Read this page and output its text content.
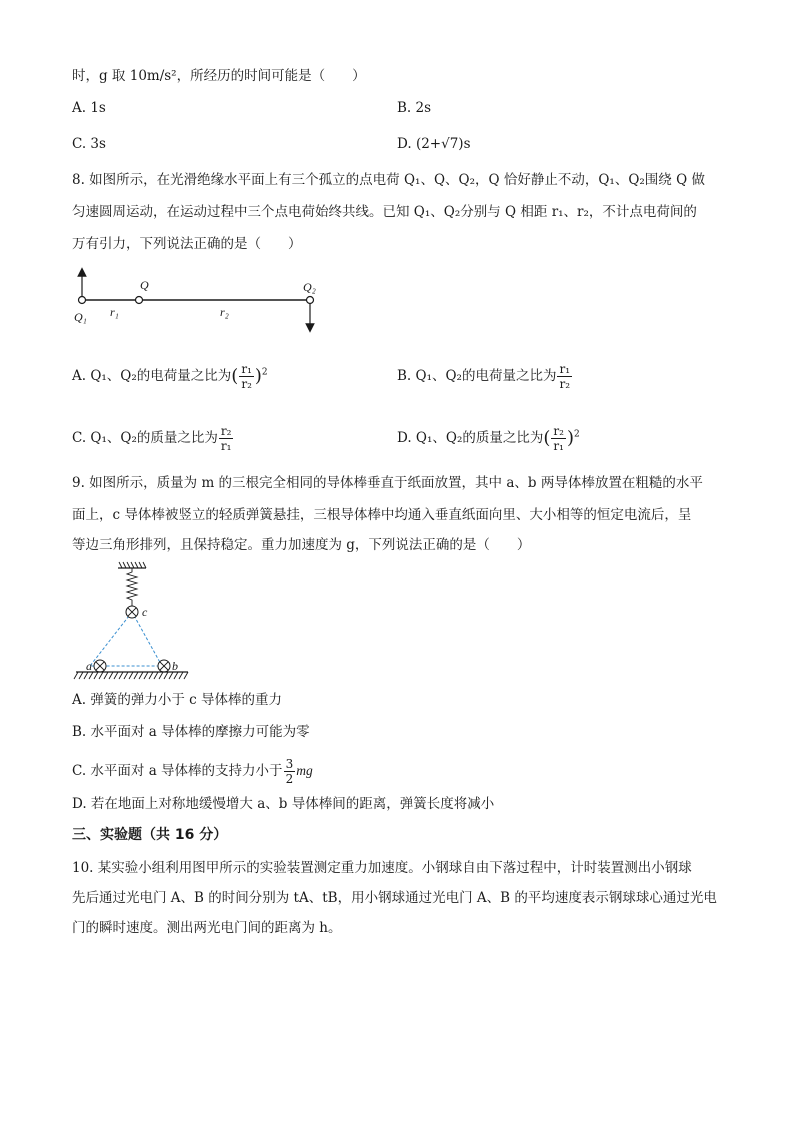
时，g 取 10m/s²，所经历的时间可能是（　　）
A. 1s	B. 2s
C. 3s	D. (2+√7)s
8. 如图所示，在光滑绝缘水平面上有三个孤立的点电荷 Q₁、Q、Q₂，Q 恰好静止不动，Q₁、Q₂围绕 Q 做
匀速圆周运动，在运动过程中三个点电荷始终共线。已知 Q₁、Q₂分别与 Q 相距 r₁、r₂，不计点电荷间的
万有引力，下列说法正确的是（　　）
Q₁
Q	Q₂
r₁	r₂
A. Q₁、Q₂的电荷量之比为( $\frac{\text{r₁}}{\text{r₂}} )^2$	B. Q₁、Q₂的电荷量之比为 $\frac{\text{r₁}}{\text{r₂}}$
C. Q₁、Q₂的质量之比为 $\frac{\text{r₂}}{\text{r₁}}$	D. Q₁、Q₂的质量之比为( $\frac{\text{r₂}}{\text{r₁}} )^2$
9. 如图所示，质量为 m 的三根完全相同的导体棒垂直于纸面放置，其中 a、b 两导体棒放置在粗糙的水平
面上，c 导体棒被竖立的轻质弹簧悬挂，三根导体棒中均通入垂直纸面向里、大小相等的恒定电流后，呈
等边三角形排列，且保持稳定。重力加速度为 g，下列说法正确的是（　　）
c
a	b
A. 弹簧的弹力小于 c 导体棒的重力
B. 水平面对 a 导体棒的摩擦力可能为零
C. 水平面对 a 导体棒的支持力小于 $\frac{3}{2}$ mg
D. 若在地面上对称地缓慢增大 a、b 导体棒间的距离，弹簧长度将减小
三、实验题（共 16 分）
10. 某实验小组利用图甲所示的实验装置测定重力加速度。小钢球自由下落过程中，计时装置测出小钢球
先后通过光电门 A、B 的时间分别为 tA、tB，用小钢球通过光电门 A、B 的平均速度表示钢球球心通过光电
门的瞬时速度。测出两光电门间的距离为 h。
